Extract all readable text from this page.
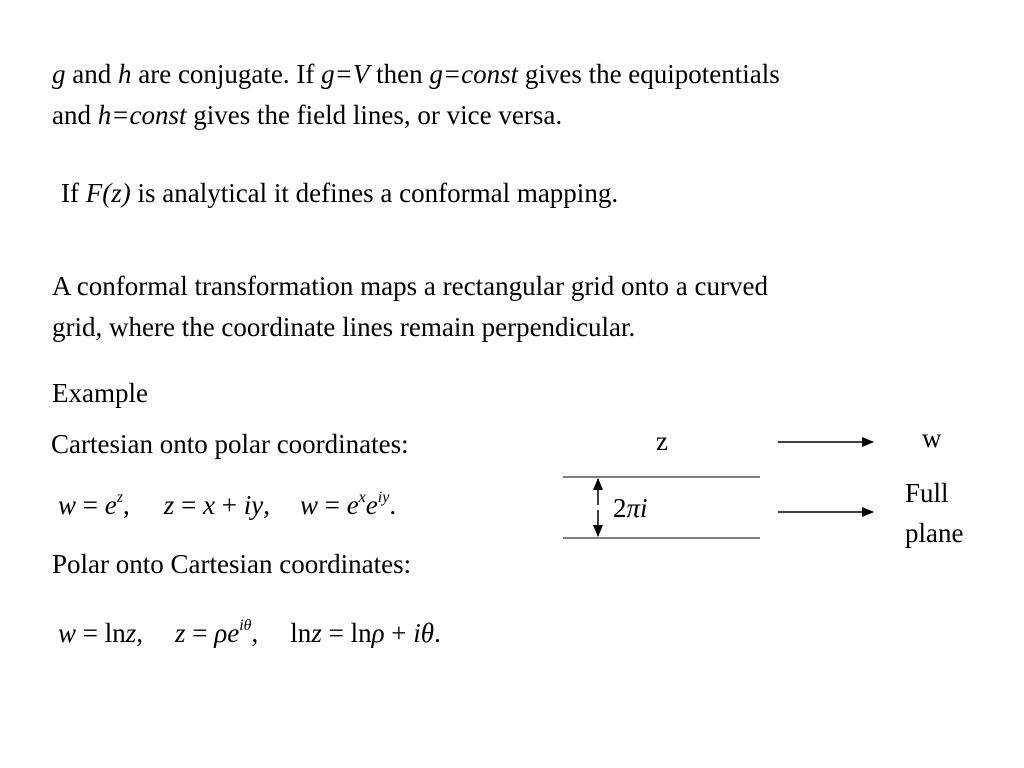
g and h are conjugate. If g=V then g=const gives the equipotentials

and h=const gives the field lines, or vice versa.

If F(z) is analytical it defines a conformal mapping.

A conformal transformation maps a rectangular grid onto a curved

grid, where the coordinate lines remain perpendicular.

Example

Cartesian onto polar coordinates:

$w = e^z$, z = x + iy, $w = e^xe^{iy}$.

Polar onto Cartesian coordinates:

w = lnz, $z = \rho e^{i\theta}$, lnz = lnρ + iθ.

z	w

2πi	Full

plane
